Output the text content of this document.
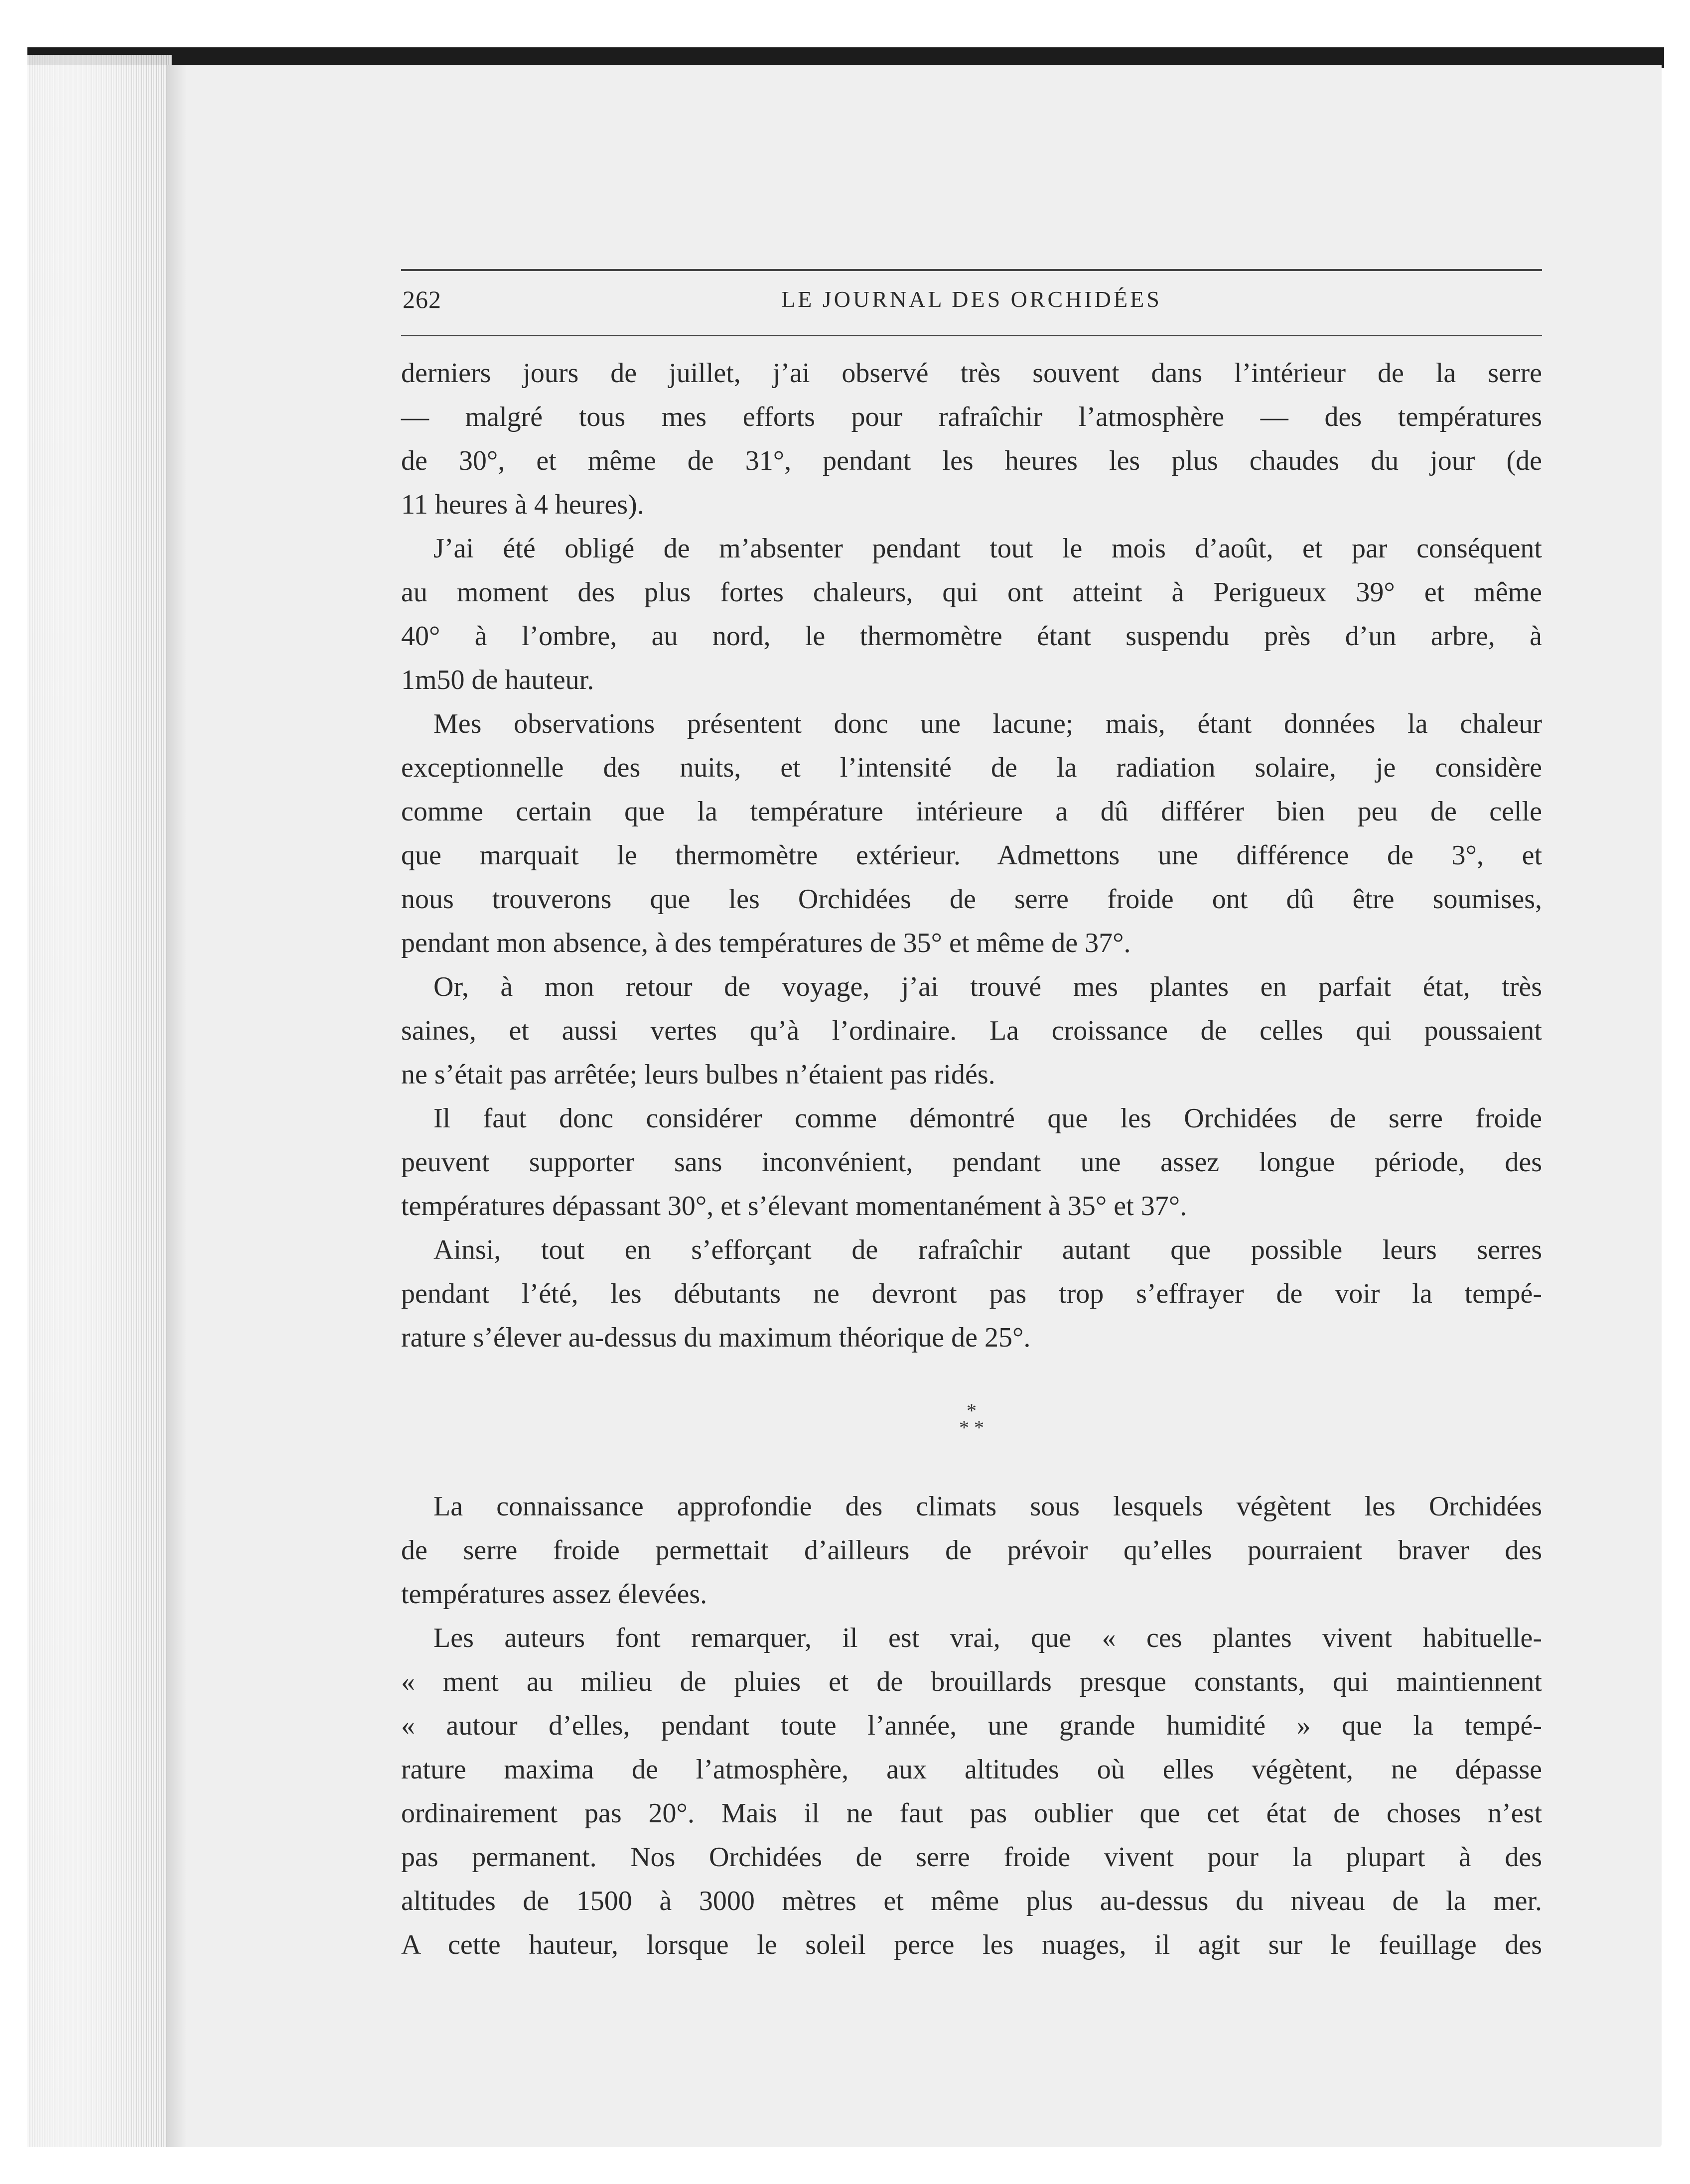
262	LE JOURNAL DES ORCHIDÉES
derniers jours de juillet, j’ai observé très souvent dans l’intérieur de la serre
— malgré tous mes efforts pour rafraîchir l’atmosphère — des températures
de 30°, et même de 31°, pendant les heures les plus chaudes du jour (de
11 heures à 4 heures).
J’ai été obligé de m’absenter pendant tout le mois d’août, et par conséquent
au moment des plus fortes chaleurs, qui ont atteint à Perigueux 39° et même
40° à l’ombre, au nord, le thermomètre étant suspendu près d’un arbre, à
1m50 de hauteur.
Mes observations présentent donc une lacune; mais, étant données la chaleur
exceptionnelle des nuits, et l’intensité de la radiation solaire, je considère
comme certain que la température intérieure a dû différer bien peu de celle
que marquait le thermomètre extérieur. Admettons une différence de 3°, et
nous trouverons que les Orchidées de serre froide ont dû être soumises,
pendant mon absence, à des températures de 35° et même de 37°.
Or, à mon retour de voyage, j’ai trouvé mes plantes en parfait état, très
saines, et aussi vertes qu’à l’ordinaire. La croissance de celles qui poussaient
ne s’était pas arrêtée; leurs bulbes n’étaient pas ridés.
Il faut donc considérer comme démontré que les Orchidées de serre froide
peuvent supporter sans inconvénient, pendant une assez longue période, des
températures dépassant 30°, et s’élevant momentanément à 35° et 37°.
Ainsi, tout en s’efforçant de rafraîchir autant que possible leurs serres
pendant l’été, les débutants ne devront pas trop s’effrayer de voir la tempé-
rature s’élever au-dessus du maximum théorique de 25°.
*
* *
La connaissance approfondie des climats sous lesquels végètent les Orchidées
de serre froide permettait d’ailleurs de prévoir qu’elles pourraient braver des
températures assez élevées.
Les auteurs font remarquer, il est vrai, que « ces plantes vivent habituelle-
« ment au milieu de pluies et de brouillards presque constants, qui maintiennent
« autour d’elles, pendant toute l’année, une grande humidité » que la tempé-
rature maxima de l’atmosphère, aux altitudes où elles végètent, ne dépasse
ordinairement pas 20°. Mais il ne faut pas oublier que cet état de choses n’est
pas permanent. Nos Orchidées de serre froide vivent pour la plupart à des
altitudes de 1500 à 3000 mètres et même plus au-dessus du niveau de la mer.
A cette hauteur, lorsque le soleil perce les nuages, il agit sur le feuillage des
